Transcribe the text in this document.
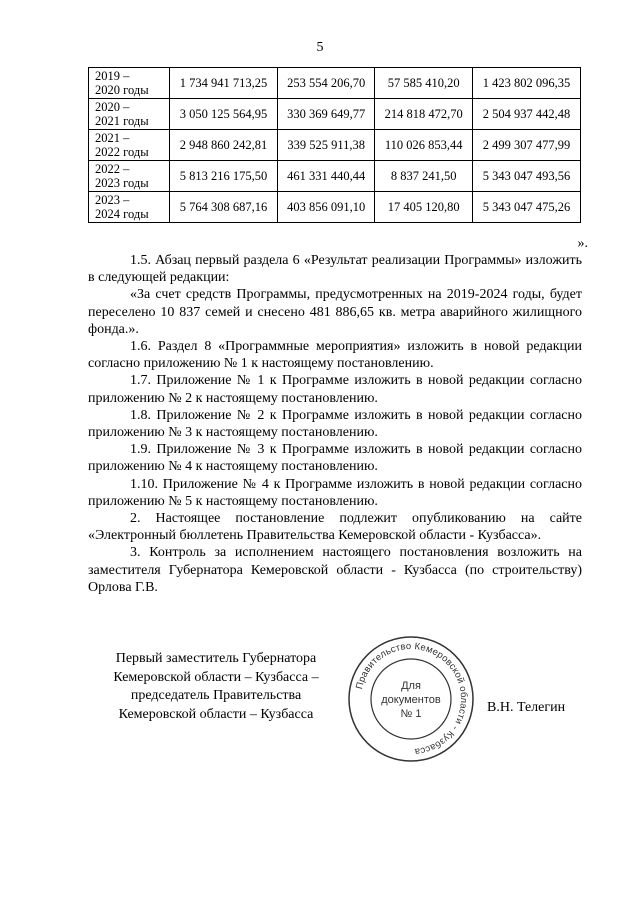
5
2019 –
2020 годы	1 734 941 713,25	253 554 206,70	57 585 410,20	1 423 802 096,35

2020 –
2021 годы	3 050 125 564,95	330 369 649,77	214 818 472,70	2 504 937 442,48

2021 –
2022 годы	2 948 860 242,81	339 525 911,38	110 026 853,44	2 499 307 477,99

2022 –
2023 годы	5 813 216 175,50	461 331 440,44	8 837 241,50	5 343 047 493,56

2023 –
2024 годы	5 764 308 687,16	403 856 091,10	17 405 120,80	5 343 047 475,26
».

1.5. Абзац первый раздела 6 «Результат реализации Программы» изложить в следующей редакции:

«За счет средств Программы, предусмотренных на 2019-2024 годы, будет переселено 10 837 семей и снесено 481 886,65 кв. метра аварийного жилищного фонда.».

1.6. Раздел 8 «Программные мероприятия» изложить в новой редакции согласно приложению № 1 к настоящему постановлению.

1.7. Приложение № 1 к Программе изложить в новой редакции согласно приложению № 2 к настоящему постановлению.

1.8. Приложение № 2 к Программе изложить в новой редакции согласно приложению № 3 к настоящему постановлению.

1.9. Приложение № 3 к Программе изложить в новой редакции согласно приложению № 4 к настоящему постановлению.

1.10. Приложение № 4 к Программе изложить в новой редакции согласно приложению № 5 к настоящему постановлению.

2. Настоящее постановление подлежит опубликованию на сайте «Электронный бюллетень Правительства Кемеровской области - Кузбасса».

3. Контроль за исполнением настоящего постановления возложить на заместителя Губернатора Кемеровской области - Кузбасса (по строительству) Орлова Г.В.

Первый заместитель Губернатора
Кемеровской области – Кузбасса –
председатель Правительства
Кемеровской области – Кузбасса
Правительство Кемеровской области - Кузбасса
Для
документов
№ 1	В.Н. Телегин
